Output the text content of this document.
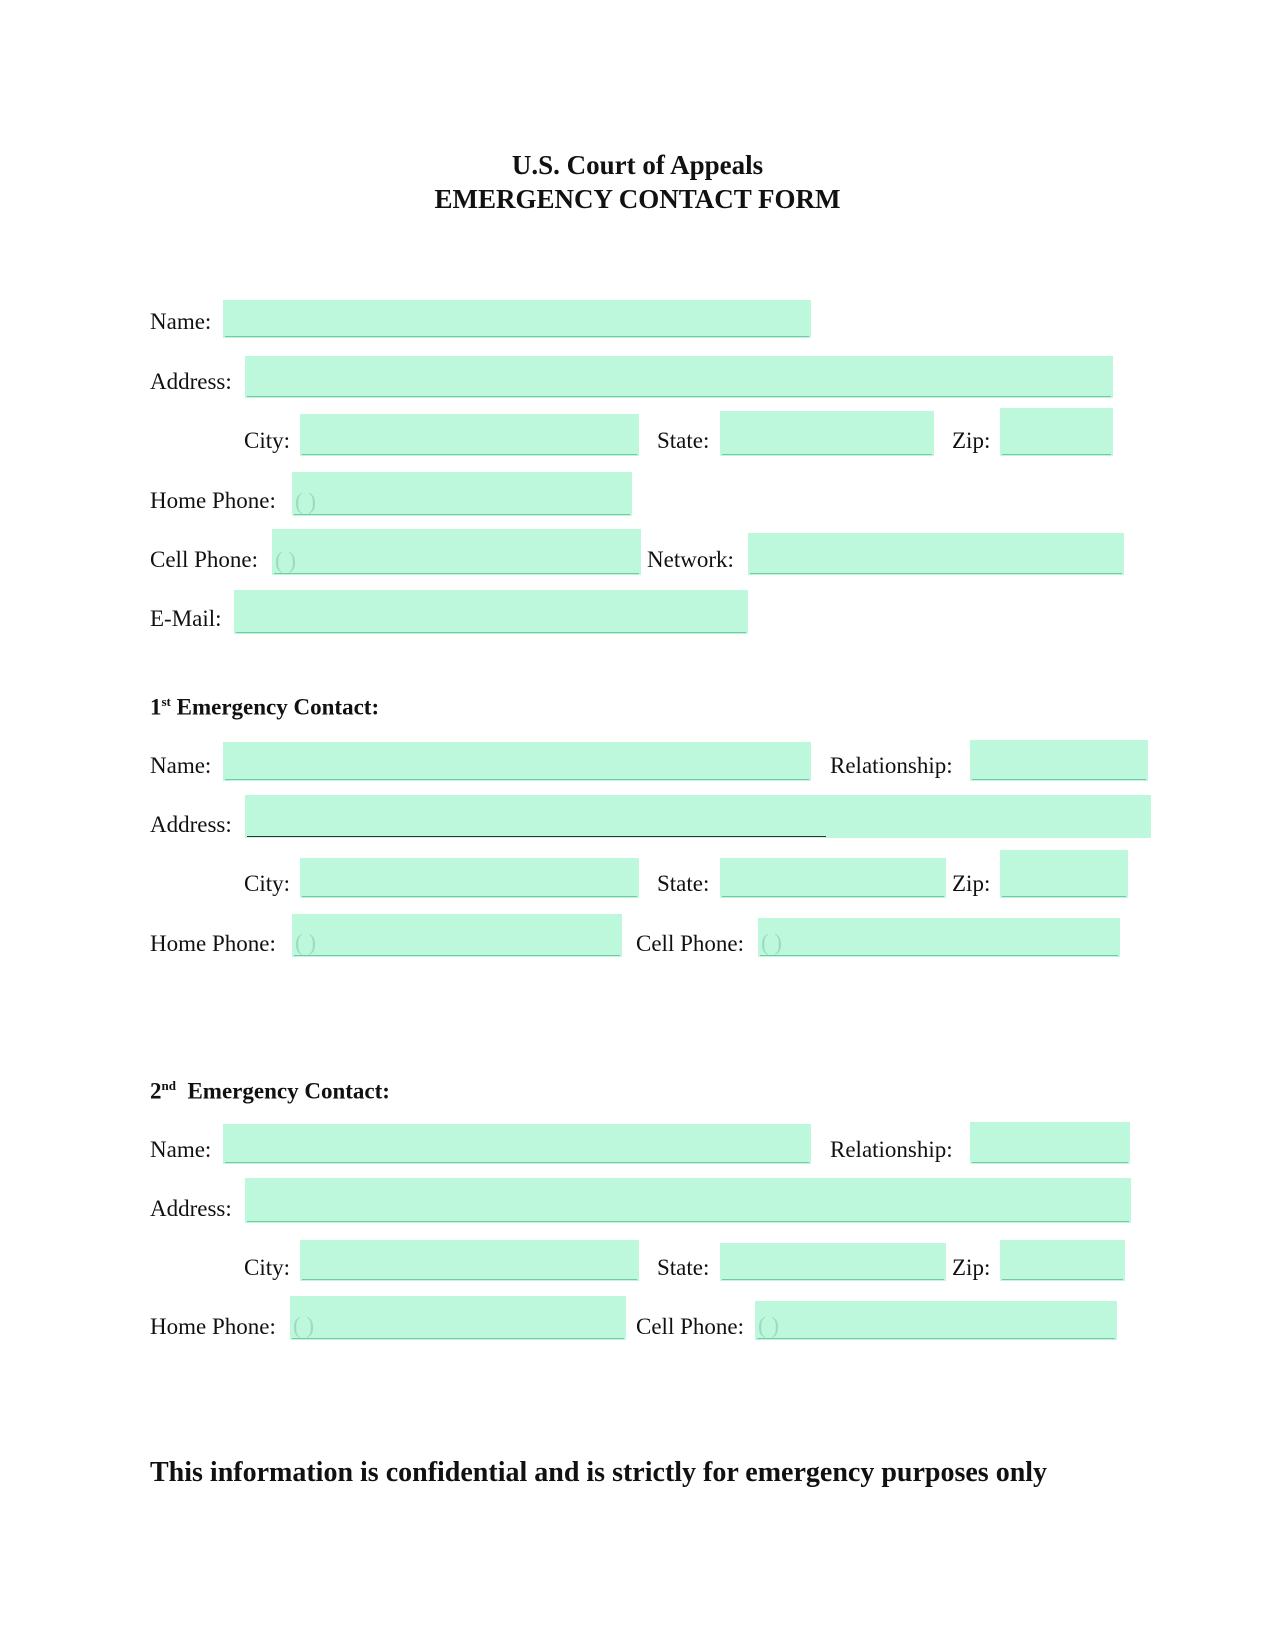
U.S. Court of Appeals
EMERGENCY CONTACT FORM
Name:
Address:
City:	State:	Zip:
Home Phone: ( )
Cell Phone: ( )	Network:
E-Mail:
1st Emergency Contact:
Name:	Relationship:
Address:
City:	State:	Zip:
Home Phone: ( )	Cell Phone: ( )
2nd  Emergency Contact:
Name:	Relationship:
Address:
City:	State:	Zip:
Home Phone: ( )	Cell Phone: ( )
This information is confidential and is strictly for emergency purposes only
